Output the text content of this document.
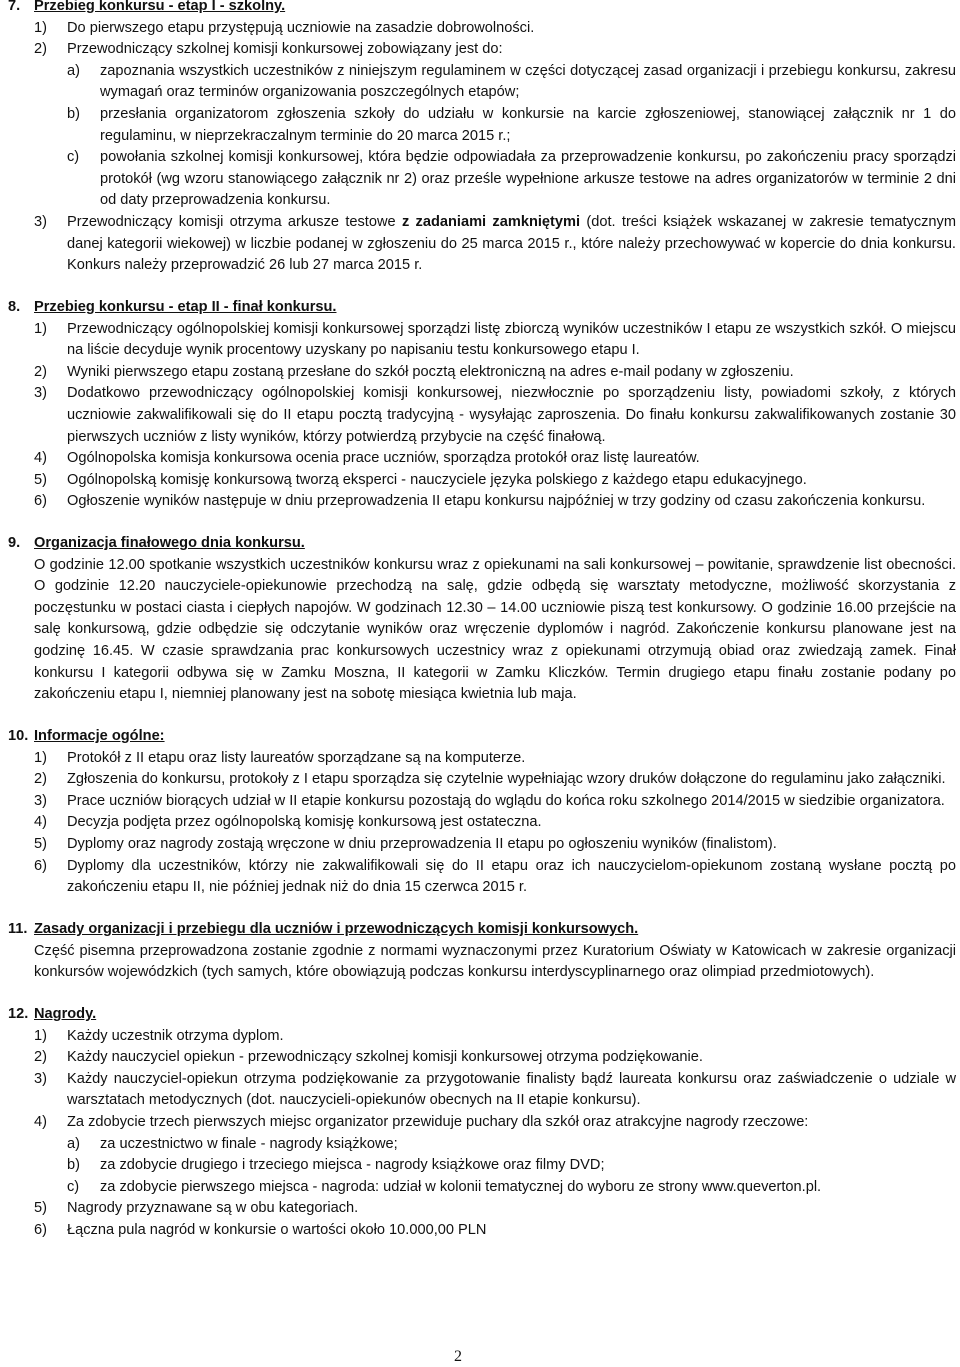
7. Przebieg konkursu - etap I - szkolny.
1)	Do pierwszego etapu przystępują uczniowie na zasadzie dobrowolności.
2)	Przewodniczący szkolnej komisji konkursowej zobowiązany jest do:
a)	zapoznania wszystkich uczestników z niniejszym regulaminem w części dotyczącej zasad organizacji i przebiegu konkursu, zakresu wymagań oraz terminów organizowania poszczególnych etapów;
b)	przesłania organizatorom zgłoszenia szkoły do udziału w konkursie na karcie zgłoszeniowej, stanowiącej załącznik nr 1 do regulaminu, w nieprzekraczalnym terminie do 20 marca 2015 r.;
c)	powołania szkolnej komisji konkursowej, która będzie odpowiadała za przeprowadzenie konkursu, po zakończeniu pracy sporządzi protokół (wg wzoru stanowiącego załącznik nr 2) oraz prześle wypełnione arkusze testowe na adres organizatorów w terminie 2 dni od daty przeprowadzenia konkursu.
3)	Przewodniczący komisji otrzyma arkusze testowe z zadaniami zamkniętymi (dot. treści książek wskazanej w zakresie tematycznym danej kategorii wiekowej) w liczbie podanej w zgłoszeniu do 25 marca 2015 r., które należy przechowywać w kopercie do dnia konkursu. Konkurs należy przeprowadzić 26 lub 27 marca 2015 r.
8. Przebieg konkursu - etap II - finał konkursu.
1)	Przewodniczący ogólnopolskiej komisji konkursowej sporządzi listę zbiorczą wyników uczestników I etapu ze wszystkich szkół. O miejscu na liście decyduje wynik procentowy uzyskany po napisaniu testu konkursowego etapu I.
2)	Wyniki pierwszego etapu zostaną przesłane do szkół pocztą elektroniczną na adres e-mail podany w zgłoszeniu.
3)	Dodatkowo przewodniczący ogólnopolskiej komisji konkursowej, niezwłocznie po sporządzeniu listy, powiadomi szkoły, z których uczniowie zakwalifikowali się do II etapu pocztą tradycyjną - wysyłając zaproszenia. Do finału konkursu zakwalifikowanych zostanie 30 pierwszych uczniów z listy wyników, którzy potwierdzą przybycie na część finałową.
4)	Ogólnopolska komisja konkursowa ocenia prace uczniów, sporządza protokół oraz listę laureatów.
5)	Ogólnopolską komisję konkursową tworzą eksperci - nauczyciele języka polskiego z każdego etapu edukacyjnego.
6)	Ogłoszenie wyników następuje w dniu przeprowadzenia II etapu konkursu najpóźniej w trzy godziny od czasu zakończenia konkursu.
9. Organizacja finałowego dnia konkursu.
O godzinie 12.00 spotkanie wszystkich uczestników konkursu wraz z opiekunami na sali konkursowej – powitanie, sprawdzenie list obecności. O godzinie 12.20 nauczyciele-opiekunowie przechodzą na salę, gdzie odbędą się warsztaty metodyczne, możliwość skorzystania z poczęstunku w postaci ciasta i ciepłych napojów. W godzinach 12.30 – 14.00 uczniowie piszą test konkursowy. O godzinie 16.00 przejście na salę konkursową, gdzie odbędzie się odczytanie wyników oraz wręczenie dyplomów i nagród. Zakończenie konkursu planowane jest na godzinę 16.45. W czasie sprawdzania prac konkursowych uczestnicy wraz z opiekunami otrzymują obiad oraz zwiedzają zamek. Finał konkursu I kategorii odbywa się w Zamku Moszna, II kategorii w Zamku Kliczków. Termin drugiego etapu finału zostanie podany po zakończeniu etapu I, niemniej planowany jest na sobotę miesiąca kwietnia lub maja.
10. Informacje ogólne:
1)	Protokół z II etapu oraz listy laureatów sporządzane są na komputerze.
2)	Zgłoszenia do konkursu, protokoły z I etapu sporządza się czytelnie wypełniając wzory druków dołączone do regulaminu jako załączniki.
3)	Prace uczniów biorących udział w II etapie konkursu pozostają do wglądu do końca roku szkolnego 2014/2015 w siedzibie organizatora.
4)	Decyzja podjęta przez ogólnopolską komisję konkursową jest ostateczna.
5)	Dyplomy oraz nagrody zostają wręczone w dniu przeprowadzenia II etapu po ogłoszeniu wyników (finalistom).
6)	Dyplomy dla uczestników, którzy nie zakwalifikowali się do II etapu oraz ich nauczycielom-opiekunom zostaną wysłane pocztą po zakończeniu etapu II, nie później jednak niż do dnia 15 czerwca 2015 r.
11. Zasady organizacji i przebiegu dla uczniów i przewodniczących komisji konkursowych.
Część pisemna przeprowadzona zostanie zgodnie z normami wyznaczonymi przez Kuratorium Oświaty w Katowicach w zakresie organizacji konkursów wojewódzkich (tych samych, które obowiązują podczas konkursu interdyscyplinarnego oraz olimpiad przedmiotowych).
12. Nagrody.
1)	Każdy uczestnik otrzyma dyplom.
2)	Każdy nauczyciel opiekun - przewodniczący szkolnej komisji konkursowej otrzyma podziękowanie.
3)	Każdy nauczyciel-opiekun otrzyma podziękowanie za przygotowanie finalisty bądź laureata konkursu oraz zaświadczenie o udziale w warsztatach metodycznych (dot. nauczycieli-opiekunów obecnych na II etapie konkursu).
4)	Za zdobycie trzech pierwszych miejsc organizator przewiduje puchary dla szkół oraz atrakcyjne nagrody rzeczowe:
a)	za uczestnictwo w finale - nagrody książkowe;
b)	za zdobycie drugiego i trzeciego miejsca - nagrody książkowe oraz filmy DVD;
c)	za zdobycie pierwszego miejsca - nagroda: udział w kolonii tematycznej do wyboru ze strony www.queverton.pl.
5)	Nagrody przyznawane są w obu kategoriach.
6)	Łączna pula nagród w konkursie o wartości około 10.000,00 PLN
2
